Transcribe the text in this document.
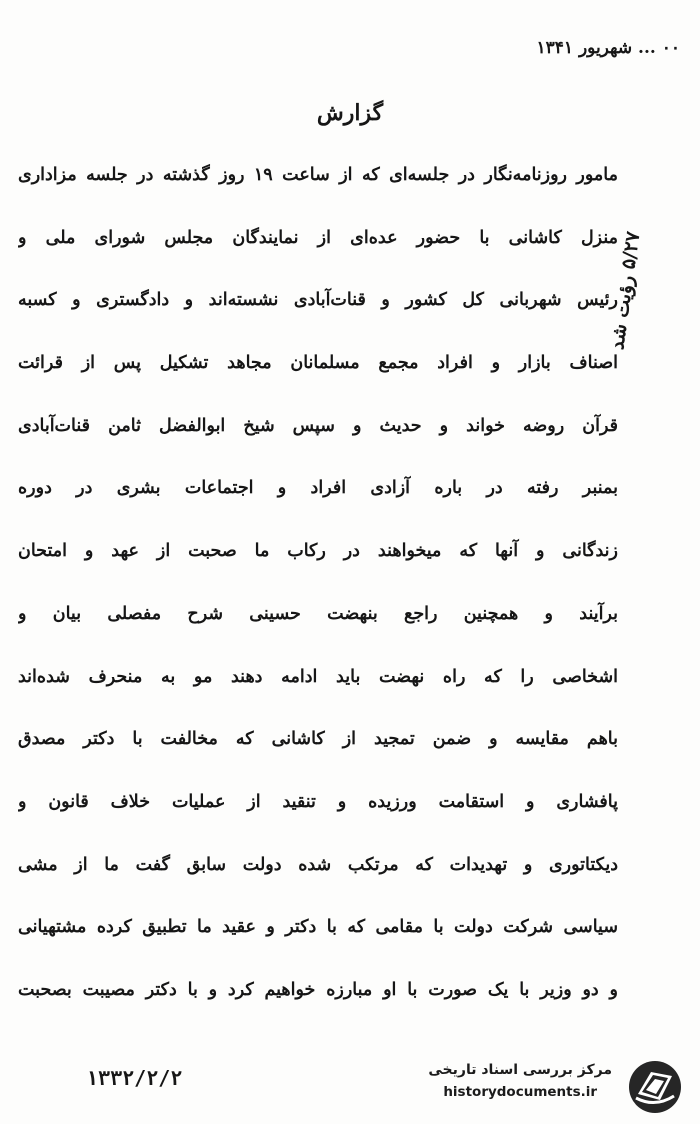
۰۰ ... شهریور ۱۳۴۱
گزارش
۵/۲۷ رؤیت شد
مامور روزنامه‌نگار در جلسه‌ای که از ساعت ۱۹ روز گذشته در جلسه مزاداری
منزل کاشانی با حضور عده‌ای از نمایندگان مجلس شورای ملی و
رئیس شهربانی کل کشور و قنات‌آبادی نشسته‌اند و دادگستری و کسبه
اصناف بازار و افراد مجمع مسلمانان مجاهد تشکیل پس از قرائت
قرآن روضه خواند و حدیث و سپس شیخ ابوالفضل ثامن قنات‌آبادی
بمنبر رفته در باره آزادی افراد و اجتماعات بشری در دوره
زندگانی و آنها که میخواهند در رکاب ما صحبت از عهد و امتحان
برآیند و همچنین راجع بنهضت حسینی شرح مفصلی بیان و
اشخاصی را که راه نهضت باید ادامه دهند مو به منحرف شده‌اند
باهم مقایسه و ضمن تمجید از کاشانی که مخالفت با دکتر مصدق
پافشاری و استقامت ورزیده و تنقید از عملیات خلاف قانون و
دیکتاتوری و تهدیدات که مرتکب شده دولت سابق گفت ما از مشی
سیاسی شرکت دولت با مقامی که با دکتر و عقید ما تطبیق کرده مشتهیانی
و دو وزیر با یک صورت با او مبارزه خواهیم کرد و با دکتر مصیبت بصحبت
۱۳۳۲/۲/۲	مرکز بررسی اسناد تاریخی
historydocuments.ir
